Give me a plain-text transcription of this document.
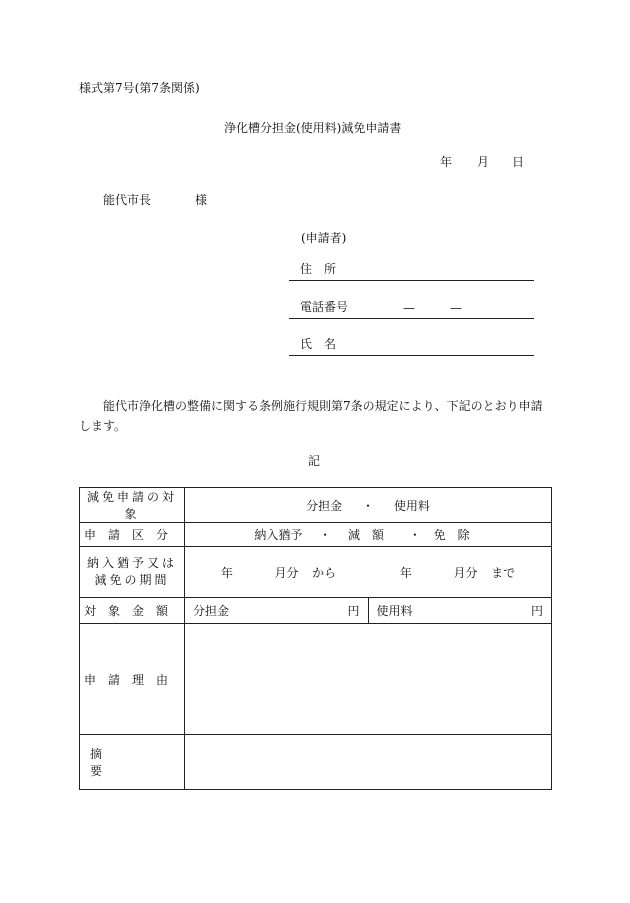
様式第7号(第7条関係)
浄化槽分担金(使用料)減免申請書
年 月 日
能代市長	様
(申請者)
住　所
電話番号	—	—
氏　名
能代市浄化槽の整備に関する条例施行規則第7条の規定により、下記のとおり申請します。
記
減免申請の対象	分担金 ・ 使用料
申請区分	納入猶予 ・ 減額 ・ 免除

納入猶予又は
減免の期間	年 月分 から 年 月分 まで
対象金額	分担金 円 使用料 円

申請理由	

摘要	
